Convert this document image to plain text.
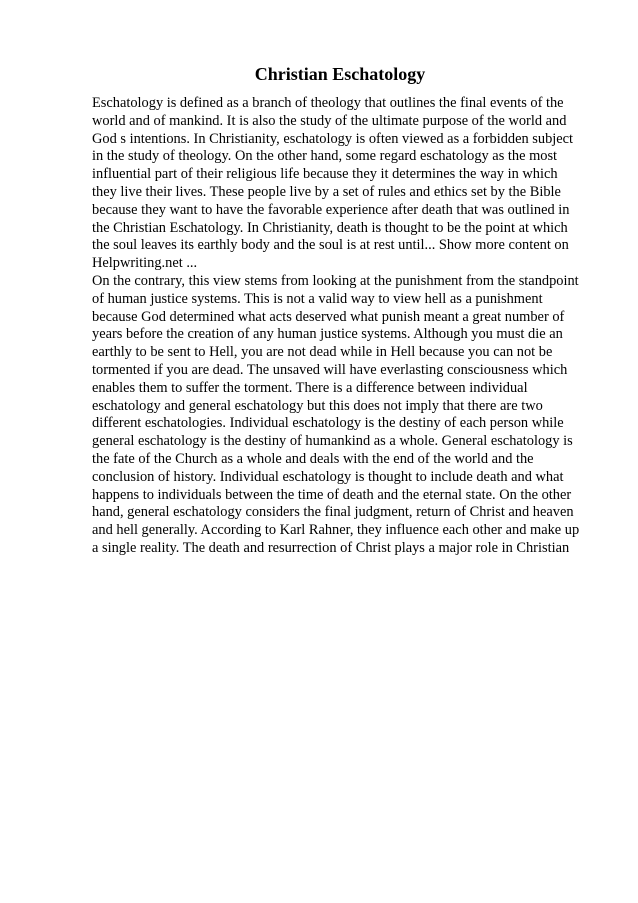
Christian Eschatology
Eschatology is defined as a branch of theology that outlines the final events of the
world and of mankind. It is also the study of the ultimate purpose of the world and
God s intentions. In Christianity, eschatology is often viewed as a forbidden subject
in the study of theology. On the other hand, some regard eschatology as the most
influential part of their religious life because they it determines the way in which
they live their lives. These people live by a set of rules and ethics set by the Bible
because they want to have the favorable experience after death that was outlined in
the Christian Eschatology. In Christianity, death is thought to be the point at which
the soul leaves its earthly body and the soul is at rest until... Show more content on
Helpwriting.net ...
On the contrary, this view stems from looking at the punishment from the standpoint
of human justice systems. This is not a valid way to view hell as a punishment
because God determined what acts deserved what punish meant a great number of
years before the creation of any human justice systems. Although you must die an
earthly to be sent to Hell, you are not dead while in Hell because you can not be
tormented if you are dead. The unsaved will have everlasting consciousness which
enables them to suffer the torment. There is a difference between individual
eschatology and general eschatology but this does not imply that there are two
different eschatologies. Individual eschatology is the destiny of each person while
general eschatology is the destiny of humankind as a whole. General eschatology is
the fate of the Church as a whole and deals with the end of the world and the
conclusion of history. Individual eschatology is thought to include death and what
happens to individuals between the time of death and the eternal state. On the other
hand, general eschatology considers the final judgment, return of Christ and heaven
and hell generally. According to Karl Rahner, they influence each other and make up
a single reality. The death and resurrection of Christ plays a major role in Christian
